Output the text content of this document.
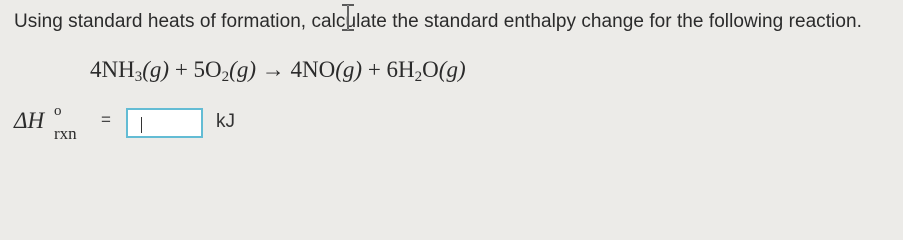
Using standard heats of formation, calculate the standard enthalpy change for the following reaction.
$4NH_3(g) + 5O_2(g) \to 4NO(g) + 6H_2O(g)$
ΔH o
rxn
=	kJ
